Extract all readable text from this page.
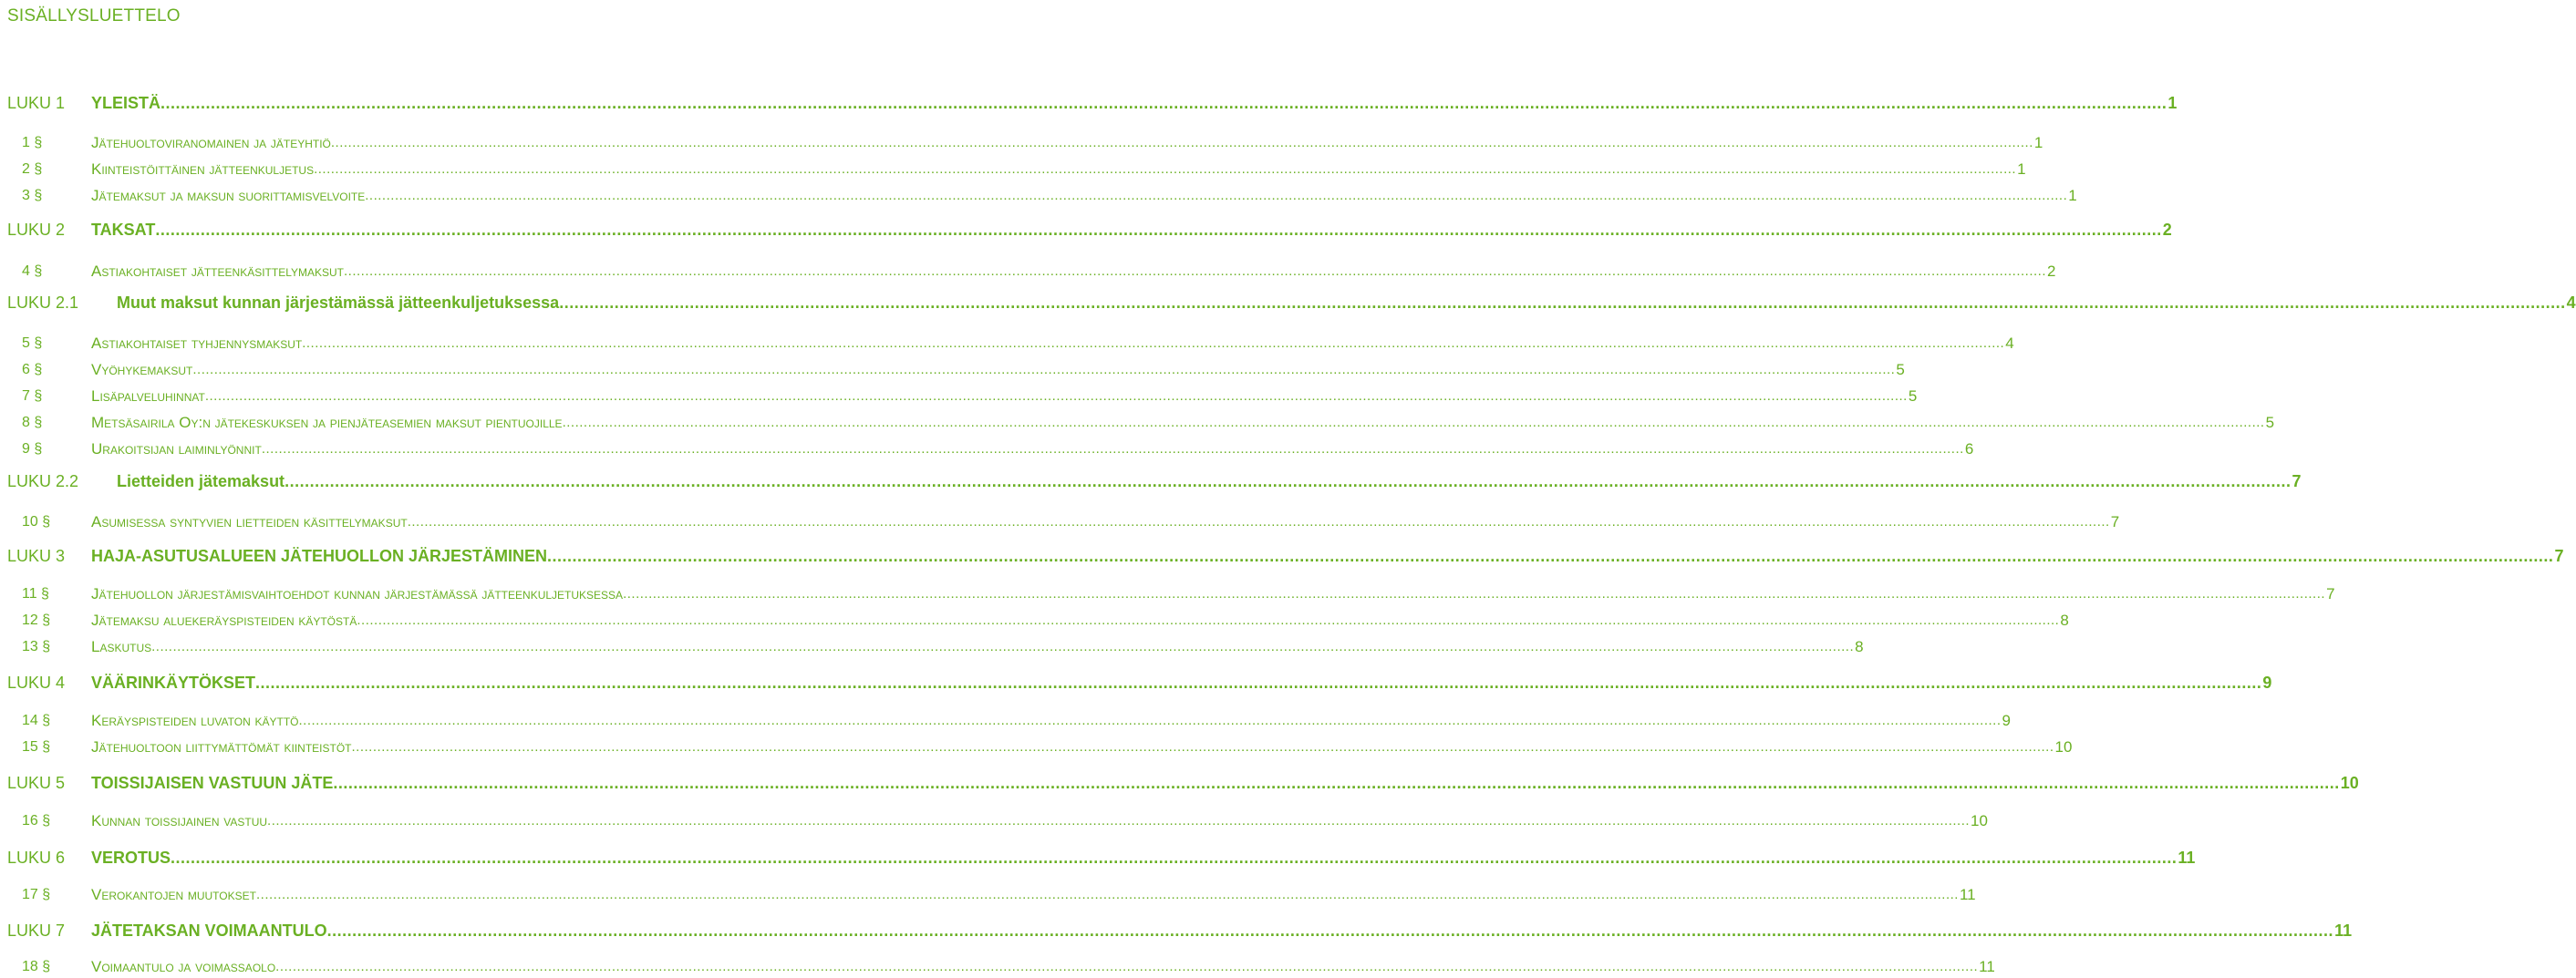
SISÄLLYSLUETTELO
LUKU 1	YLEISTÄ ................................................................................................................................................................................................................................................................................................................................................................................................................ 1
1 §	Jätehuoltoviranomainen ja jäteyhtiö ................................................................................................................................................................................................................................................................................................................................................................................................................ 1
2 §	Kiinteistöittäinen jätteenkuljetus ................................................................................................................................................................................................................................................................................................................................................................................................................ 1
3 §	Jätemaksut ja maksun suorittamisvelvoite ................................................................................................................................................................................................................................................................................................................................................................................................................ 1
LUKU 2	TAKSAT ................................................................................................................................................................................................................................................................................................................................................................................................................ 2
4 §	Astiakohtaiset jätteenkäsittelymaksut ................................................................................................................................................................................................................................................................................................................................................................................................................ 2
LUKU 2.1	Muut maksut kunnan järjestämässä jätteenkuljetuksessa ................................................................................................................................................................................................................................................................................................................................................................................................................ 4
5 §	Astiakohtaiset tyhjennysmaksut ................................................................................................................................................................................................................................................................................................................................................................................................................ 4
6 §	Vyöhykemaksut ................................................................................................................................................................................................................................................................................................................................................................................................................ 5
7 §	Lisäpalveluhinnat ................................................................................................................................................................................................................................................................................................................................................................................................................ 5
8 §	Metsäsairila Oy:n jätekeskuksen ja pienjäteasemien maksut pientuojille ................................................................................................................................................................................................................................................................................................................................................................................................................ 5
9 §	Urakoitsijan laiminlyönnit ................................................................................................................................................................................................................................................................................................................................................................................................................ 6
LUKU 2.2	Lietteiden jätemaksut ................................................................................................................................................................................................................................................................................................................................................................................................................ 7
10 §	Asumisessa syntyvien lietteiden käsittelymaksut ................................................................................................................................................................................................................................................................................................................................................................................................................ 7
LUKU 3	HAJA-ASUTUSALUEEN JÄTEHUOLLON JÄRJESTÄMINEN ................................................................................................................................................................................................................................................................................................................................................................................................................ 7
11 §	Jätehuollon järjestämisvaihtoehdot kunnan järjestämässä jätteenkuljetuksessa ................................................................................................................................................................................................................................................................................................................................................................................................................ 7
12 §	Jätemaksu aluekeräyspisteiden käytöstä ................................................................................................................................................................................................................................................................................................................................................................................................................ 8
13 §	Laskutus ................................................................................................................................................................................................................................................................................................................................................................................................................ 8
LUKU 4	VÄÄRINKÄYTÖKSET ................................................................................................................................................................................................................................................................................................................................................................................................................ 9
14 §	Keräyspisteiden luvaton käyttö ................................................................................................................................................................................................................................................................................................................................................................................................................ 9
15 §	Jätehuoltoon liittymättömät kiinteistöt ................................................................................................................................................................................................................................................................................................................................................................................................................ 10
LUKU 5	TOISSIJAISEN VASTUUN JÄTE ................................................................................................................................................................................................................................................................................................................................................................................................................ 10
16 §	Kunnan toissijainen vastuu ................................................................................................................................................................................................................................................................................................................................................................................................................ 10
LUKU 6	VEROTUS ................................................................................................................................................................................................................................................................................................................................................................................................................ 11
17 §	Verokantojen muutokset ................................................................................................................................................................................................................................................................................................................................................................................................................ 11
LUKU 7	JÄTETAKSAN VOIMAANTULO ................................................................................................................................................................................................................................................................................................................................................................................................................ 11
18 §	Voimaantulo ja voimassaolo ................................................................................................................................................................................................................................................................................................................................................................................................................ 11
